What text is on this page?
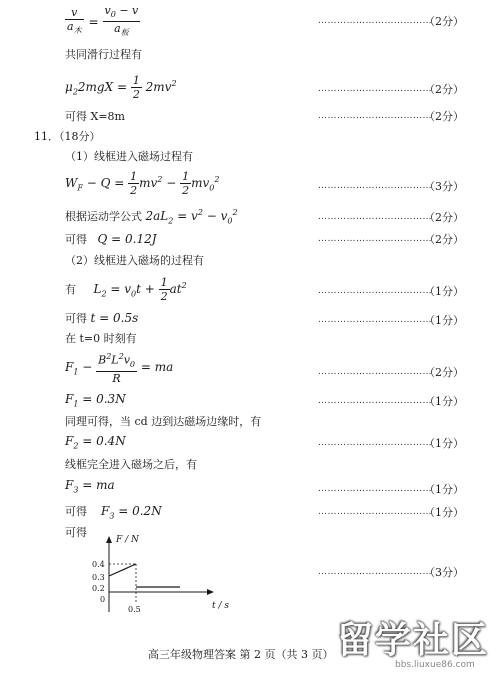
$\frac{v}{a_木} = \frac{v_0 - v}{a_板}$	………………………………
（2分）
共同滑行过程有
$\mu_22mgX = \frac{1}{2} 2mv^2$
………………………………
（2分）
可得 X=8m	………………………………
（2分）
11．（18分）
（1）线框进入磁场过程有
$W_F - Q = \frac{1}{2} mv^2 - \frac{1}{2} mv_0^2$
………………………………
（3分）
根据运动学公式 $2aL_2 = v^2 - v_0^2$	………………………………
（2分）
可得   Q = 0.12J	………………………………
（2分）
（2）线框进入磁场的过程有
有     $L_2 = v_0t + \frac{1}{2} at^2$
………………………………
（1分）
可得 t = 0.5s	………………………………
（1分）
在 t=0 时刻有
$F_1 - \frac{B^2L^2v_0}{R}$ = ma	………………………………
（2分）
$F_1 = 0.3N$	………………………………
（1分）
同理可得，当 cd 边到达磁场边缘时，有
$F_2 = 0.4N$	………………………………
（1分）
线框完全进入磁场之后，有
$F_3$ = ma	………………………………
（1分）
可得    $F_3 = 0.2N$	………………………………
（1分）
可得
F / N
t / s
0.4
0.3
0.2
0
0.5
………………………………
（3分）
高三年级物理答案 第 2 页（共 3 页） 留学社区
bbs.liuxue86.com
